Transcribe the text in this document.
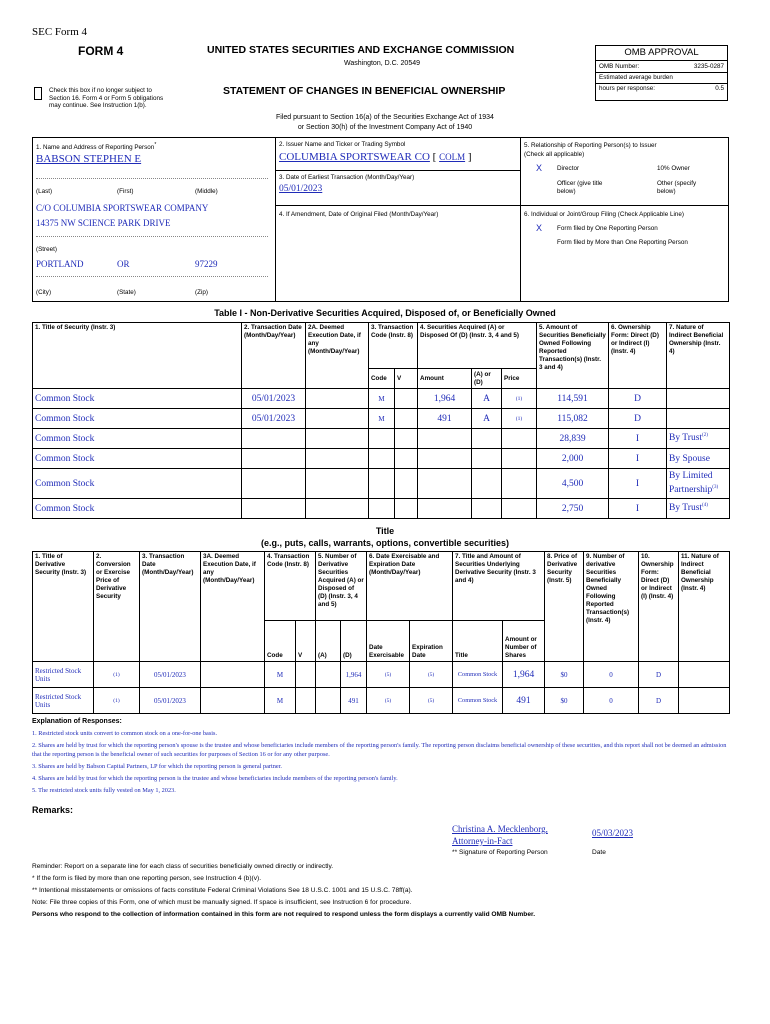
SEC Form 4
FORM 4	UNITED STATES SECURITIES AND EXCHANGE COMMISSION
Washington, D.C. 20549
Check this box if no longer subject to
Section 16. Form 4 or Form 5 obligations
may continue. See Instruction 1(b).
STATEMENT OF CHANGES IN BENEFICIAL OWNERSHIP
Filed pursuant to Section 16(a) of the Securities Exchange Act of 1934
or Section 30(h) of the Investment Company Act of 1940
OMB APPROVAL
OMB Number:	3235-0287
Estimated average burden
hours per response:	0.5
1. Name and Address of Reporting Person*
BABSON STEPHEN E
(Last)	(First)	(Middle)
C/O COLUMBIA SPORTSWEAR COMPANY
14375 NW SCIENCE PARK DRIVE
(Street)
PORTLAND	OR	97229
(City)	(State)	(Zip)
2. Issuer Name and Ticker or Trading Symbol
COLUMBIA SPORTSWEAR CO [ COLM ]
3. Date of Earliest Transaction (Month/Day/Year)
05/01/2023
4. If Amendment, Date of Original Filed (Month/Day/Year)
5. Relationship of Reporting Person(s) to Issuer
(Check all applicable)
X Director	10% Owner
Officer (give title
below)
Other (specify
below)
6. Individual or Joint/Group Filing (Check Applicable Line)
X Form filed by One Reporting Person
Form filed by More than One Reporting Person
Table I - Non-Derivative Securities Acquired, Disposed of, or Beneficially Owned
1. Title of Security (Instr. 3)	2. Transaction Date (Month/Day/Year)	2A. Deemed Execution Date, if any (Month/Day/Year)	3. Transaction Code (Instr. 8)		4. Securities Acquired (A) or Disposed Of (D) (Instr. 3, 4 and 5)			5. Amount of Securities Beneficially Owned Following Reported Transaction(s) (Instr. 3 and 4)	6. Ownership Form: Direct (D) or Indirect (I) (Instr. 4)	7. Nature of Indirect Beneficial Ownership (Instr. 4)
			Code	V	Amount	(A) or (D)	Price			
Common Stock	05/01/2023		M		1,964	A	(1)	114,591	D	
Common Stock	05/01/2023		M		491	A	(1)	115,082	D	
Common Stock								28,839	I	By Trust$^{(2)}$
Common Stock								2,000	I	By Spouse
Common Stock								4,500	I	By Limited Partnership$^{(3)}$
Common Stock								2,750	I	By Trust$^{(4)}$
Title
(e.g., puts, calls, warrants, options, convertible securities)
1. Title of Derivative Security (Instr. 3)	2. Conversion or Exercise Price of Derivative Security	3. Transaction Date (Month/Day/Year)	3A. Deemed Execution Date, if any (Month/Day/Year)	4. Transaction Code (Instr. 8)		5. Number of Derivative Securities Acquired (A) or Disposed of (D) (Instr. 3, 4 and 5)		6. Date Exercisable and Expiration Date (Month/Day/Year)		7. Title and Amount of Securities Underlying Derivative Security (Instr. 3 and 4)		8. Price of Derivative Security (Instr. 5)	9. Number of derivative Securities Beneficially Owned Following Reported Transaction(s) (Instr. 4)	10. Ownership Form: Direct (D) or Indirect (I) (Instr. 4)	11. Nature of Indirect Beneficial Ownership (Instr. 4)
				Code	V	(A)	(D)	Date Exercisable	Expiration Date	Title	Amount or Number of Shares				
Restricted Stock Units	(1)	05/01/2023		M			1,964	(5)	(5)	Common Stock	1,964	$0	0	D	
Restricted Stock Units	(1)	05/01/2023		M			491	(5)	(5)	Common Stock	491	$0	0	D	
Explanation of Responses:
1. Restricted stock units convert to common stock on a one-for-one basis.
2. Shares are held by trust for which the reporting person's spouse is the trustee and whose beneficiaries include members of the reporting person's family. The reporting person disclaims beneficial ownership of these securities, and this report shall not be deemed an admission that the reporting person is the beneficial owner of such securities for purposes of Section 16 or for any other purpose.
3. Shares are held by Babson Capital Partners, LP for which the reporting person is general partner.
4. Shares are held by trust for which the reporting person is the trustee and whose beneficiaries include members of the reporting person's family.
5. The restricted stock units fully vested on May 1, 2023.
Remarks:
Christina A. Mecklenborg,
Attorney-in-Fact
05/03/2023
** Signature of Reporting Person	Date
Reminder: Report on a separate line for each class of securities beneficially owned directly or indirectly.
* If the form is filed by more than one reporting person, see Instruction 4 (b)(v).
** Intentional misstatements or omissions of facts constitute Federal Criminal Violations See 18 U.S.C. 1001 and 15 U.S.C. 78ff(a).
Note: File three copies of this Form, one of which must be manually signed. If space is insufficient, see Instruction 6 for procedure.
Persons who respond to the collection of information contained in this form are not required to respond unless the form displays a currently valid OMB Number.
